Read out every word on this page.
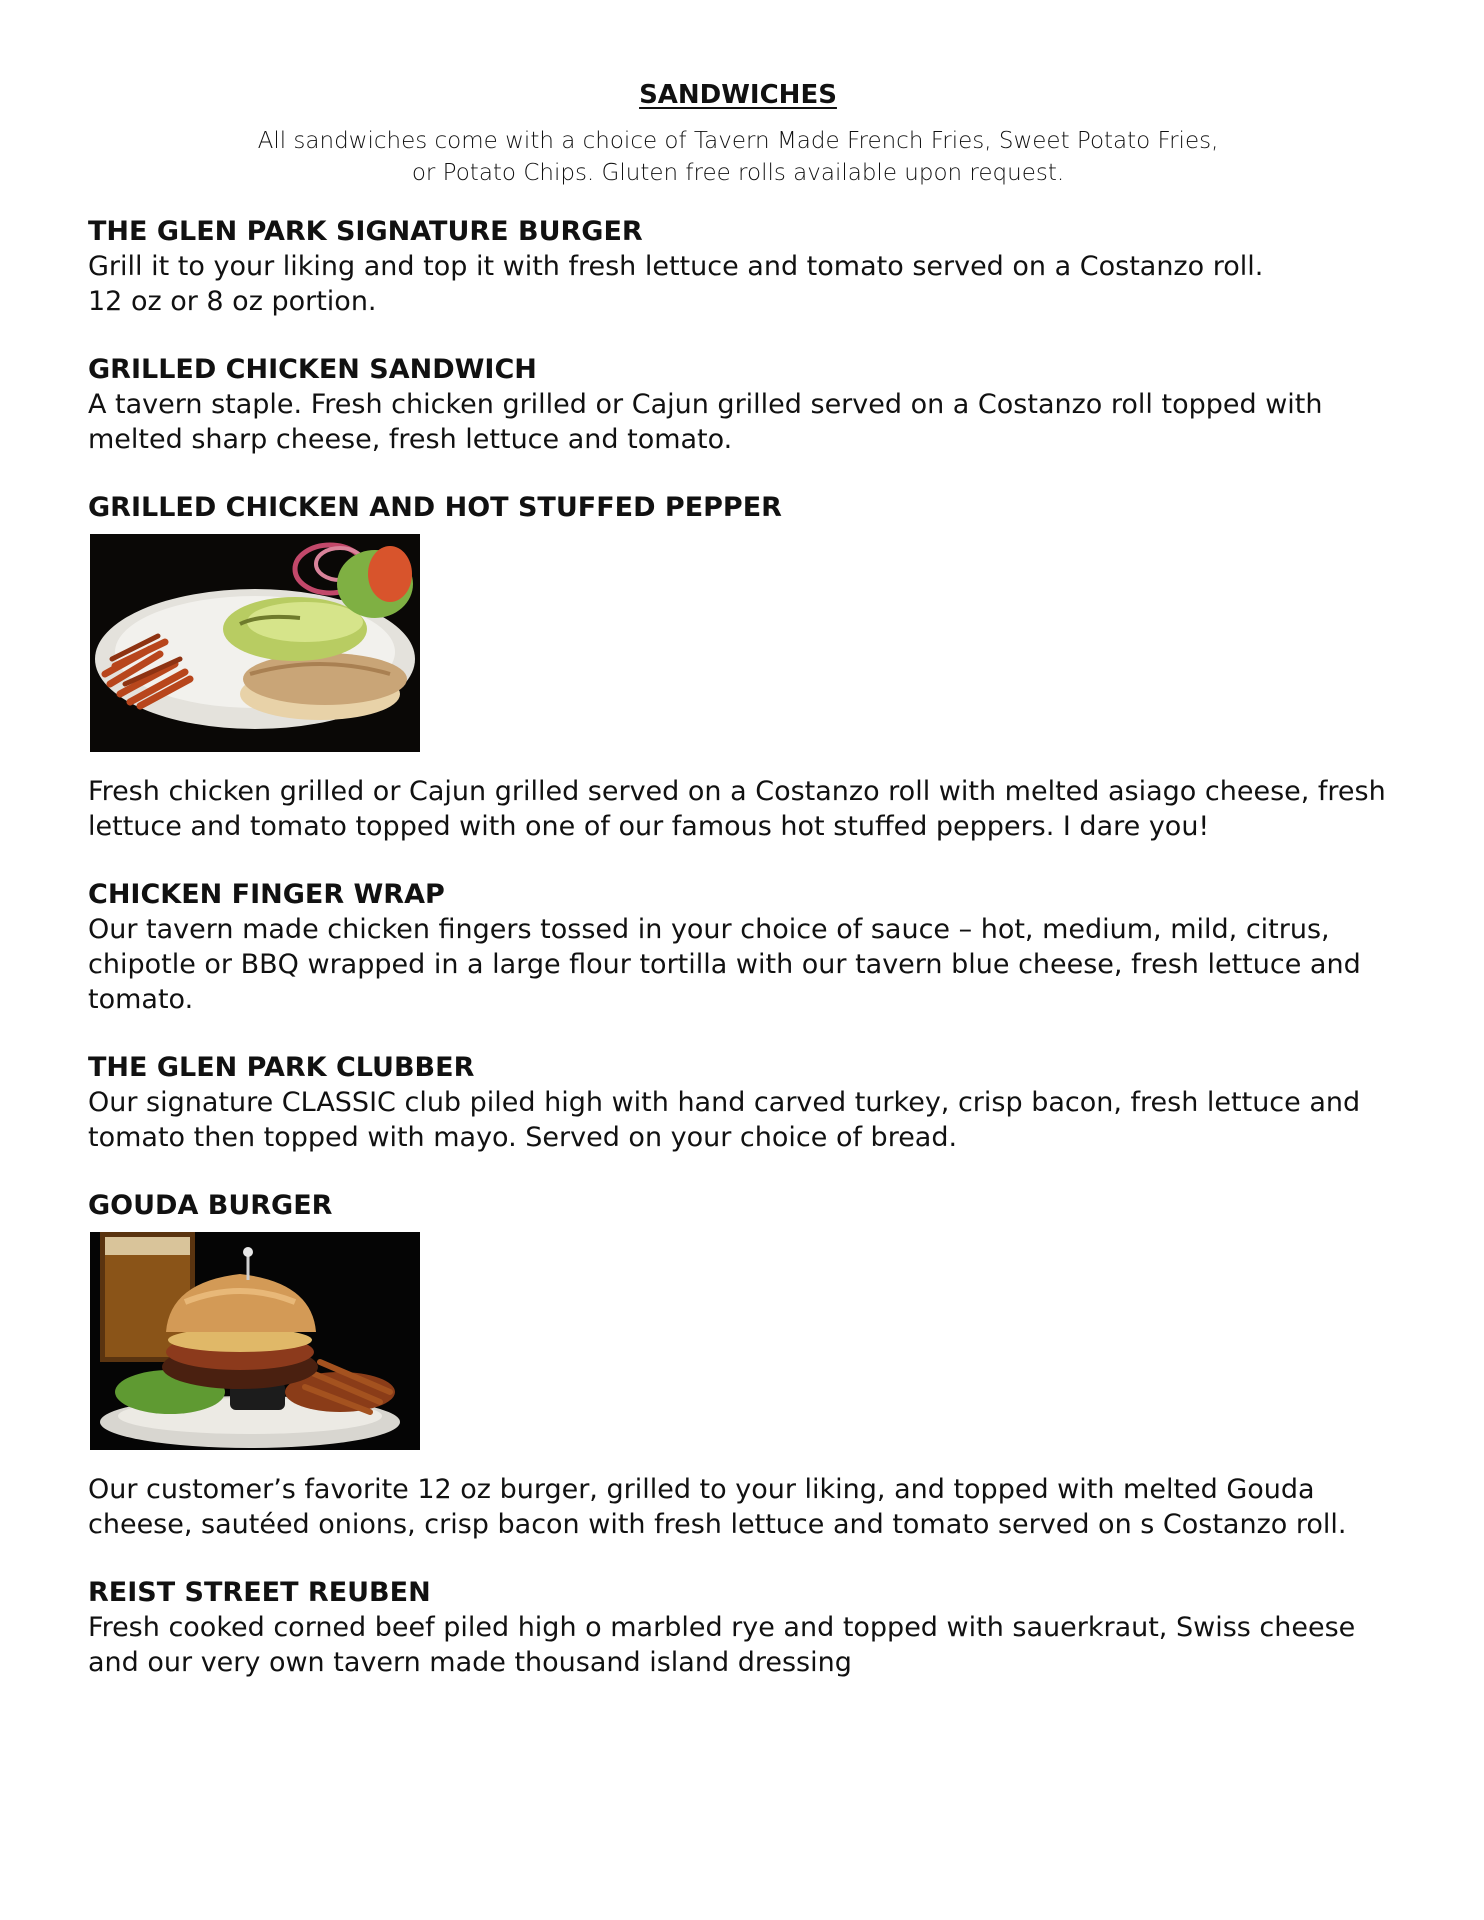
SANDWICHES

All sandwiches come with a choice of Tavern Made French Fries, Sweet Potato Fries,
or Potato Chips. Gluten free rolls available upon request.

THE GLEN PARK SIGNATURE BURGER

Grill it to your liking and top it with fresh lettuce and tomato served on a Costanzo roll.
12 oz or 8 oz portion.

GRILLED CHICKEN SANDWICH

A tavern staple. Fresh chicken grilled or Cajun grilled served on a Costanzo roll topped with melted sharp cheese, fresh lettuce and tomato.

GRILLED CHICKEN AND HOT STUFFED PEPPER

Fresh chicken grilled or Cajun grilled served on a Costanzo roll with melted asiago cheese, fresh lettuce and tomato topped with one of our famous hot stuffed peppers. I dare you!

CHICKEN FINGER WRAP

Our tavern made chicken fingers tossed in your choice of sauce – hot, medium, mild, citrus, chipotle or BBQ wrapped in a large flour tortilla with our tavern blue cheese, fresh lettuce and tomato.

THE GLEN PARK CLUBBER

Our signature CLASSIC club piled high with hand carved turkey, crisp bacon, fresh lettuce and tomato then topped with mayo. Served on your choice of bread.

GOUDA BURGER

Our customer’s favorite 12 oz burger, grilled to your liking, and topped with melted Gouda cheese, sautéed onions, crisp bacon with fresh lettuce and tomato served on s Costanzo roll.

REIST STREET REUBEN

Fresh cooked corned beef piled high o marbled rye and topped with sauerkraut, Swiss cheese and our very own tavern made thousand island dressing
